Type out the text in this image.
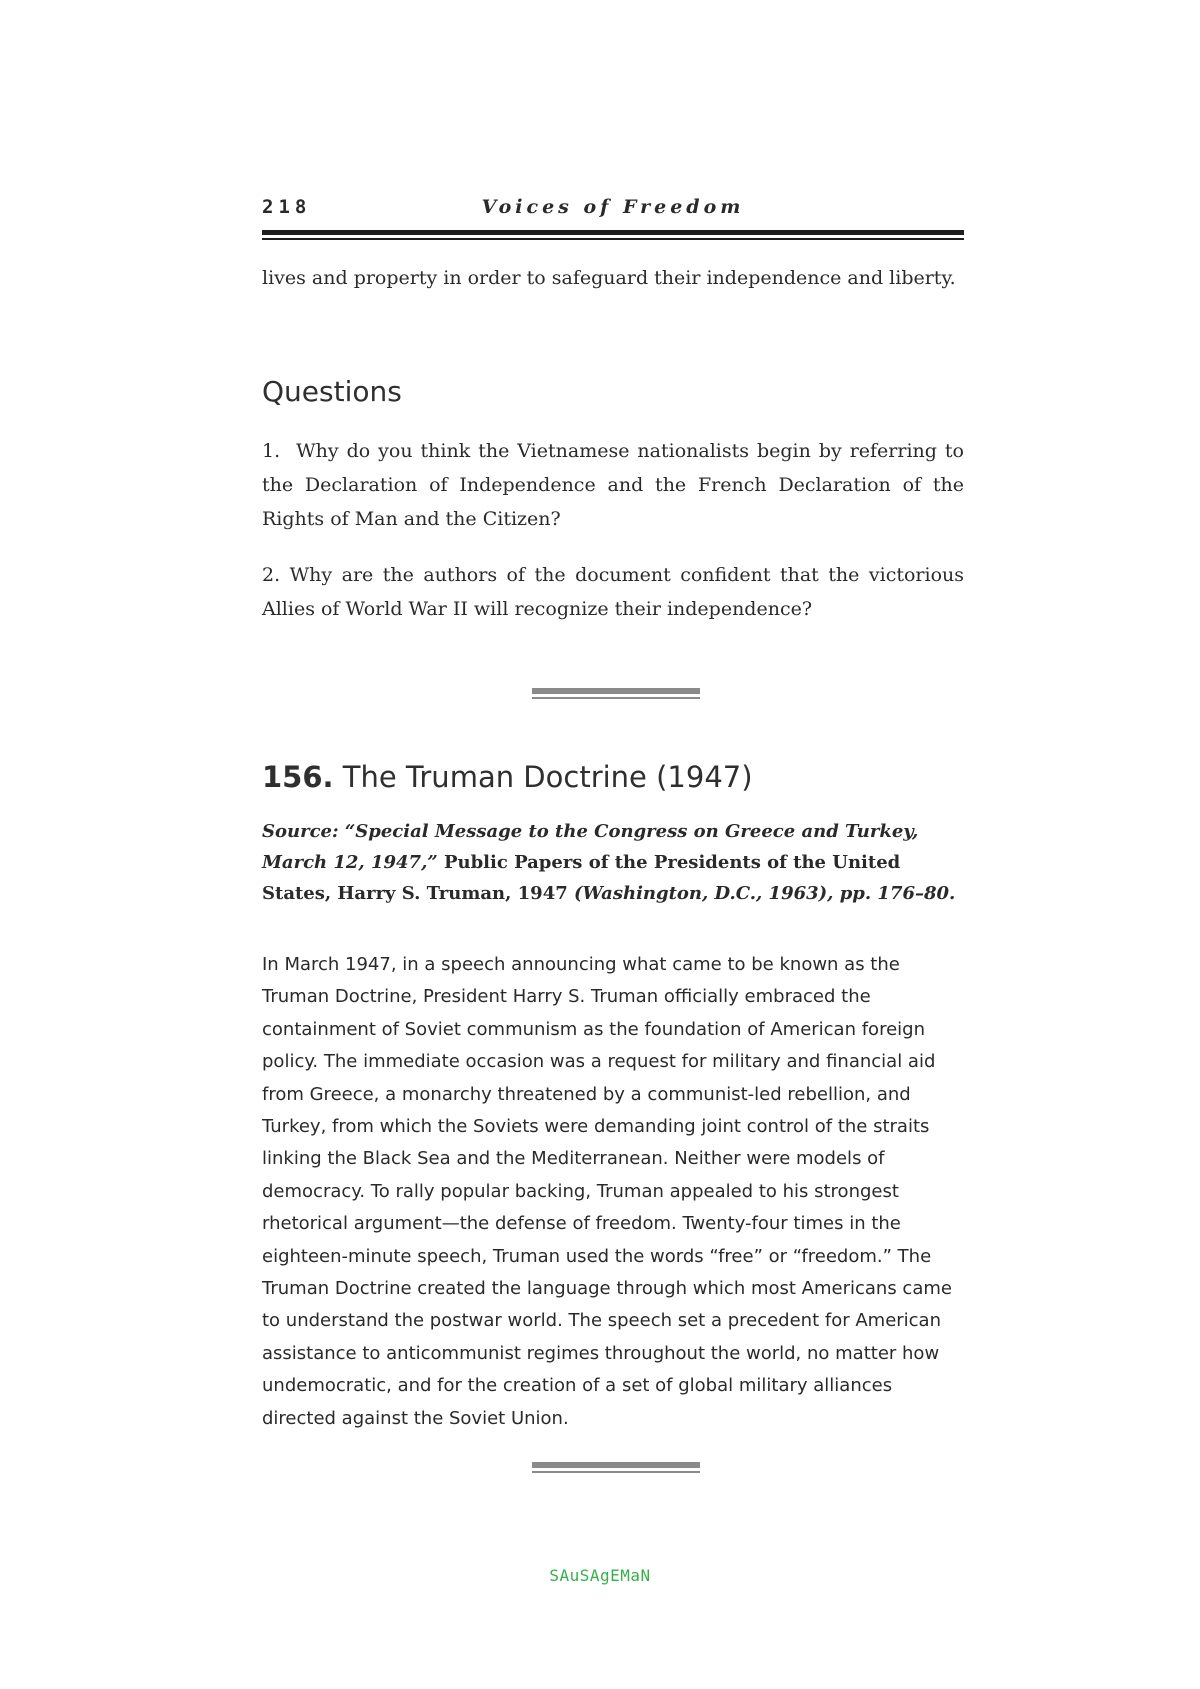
218	Voices of Freedom

lives and property in order to safeguard their independence and liberty.

Questions

1. Why do you think the Vietnamese nationalists begin by referring to the Declaration of Independence and the French Declaration of the Rights of Man and the Citizen?

2. Why are the authors of the document confident that the victorious Allies of World War II will recognize their independence?

156. The Truman Doctrine (1947)

Source: “Special Message to the Congress on Greece and Turkey, March 12, 1947,” Public Papers of the Presidents of the United States, Harry S. Truman, 1947 (Washington, D.C., 1963), pp. 176–80.

In March 1947, in a speech announcing what came to be known as the Truman Doctrine, President Harry S. Truman officially embraced the containment of Soviet communism as the foundation of American foreign policy. The immediate occasion was a request for military and financial aid from Greece, a monarchy threatened by a communist-led rebellion, and Turkey, from which the Soviets were demanding joint control of the straits linking the Black Sea and the Mediterranean. Neither were models of democracy. To rally popular backing, Truman appealed to his strongest rhetorical argument—the defense of freedom. Twenty-four times in the eighteen-minute speech, Truman used the words “free” or “freedom.” The Truman Doctrine created the language through which most Americans came to understand the postwar world. The speech set a precedent for American assistance to anticommunist regimes throughout the world, no matter how undemocratic, and for the creation of a set of global military alliances directed against the Soviet Union.

SAuSAgEMaN
